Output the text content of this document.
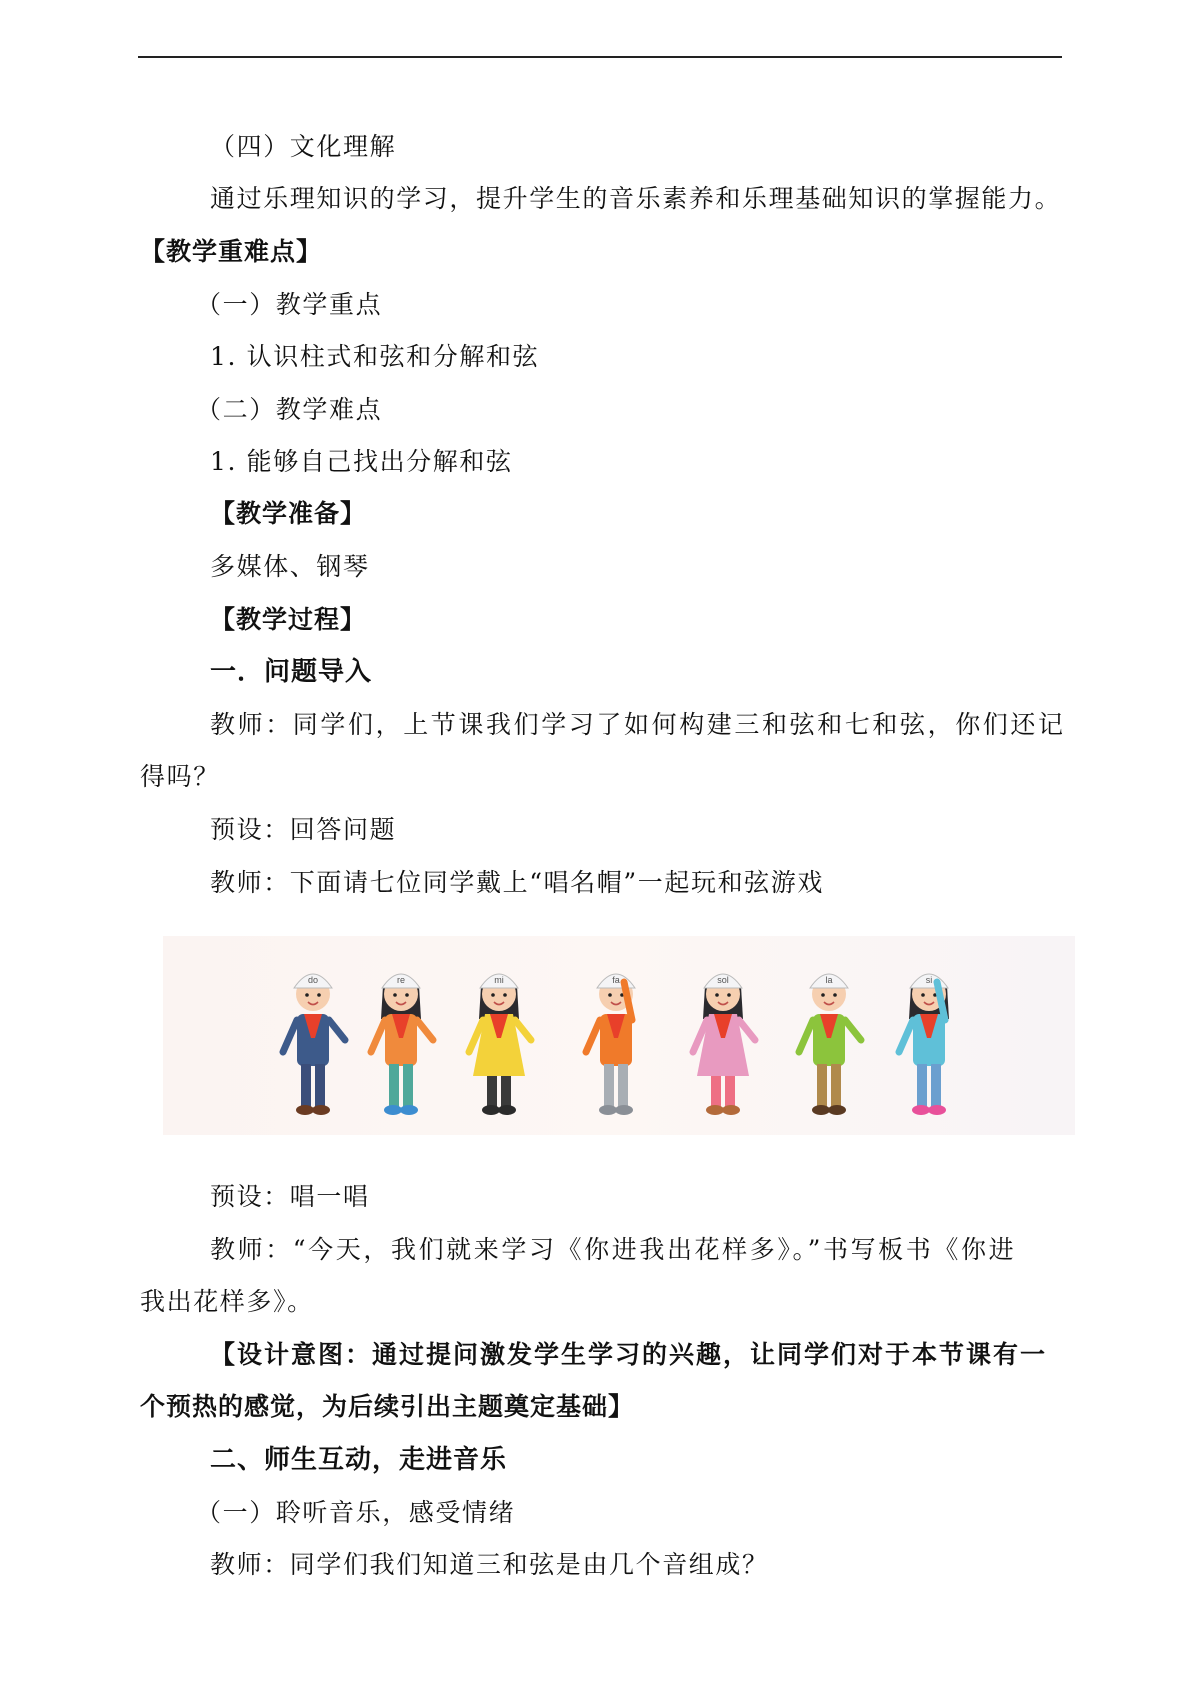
（四）文化理解
通过乐理知识的学习，提升学生的音乐素养和乐理基础知识的掌握能力。
【教学重难点】
（一）教学重点
1. 认识柱式和弦和分解和弦
（二）教学难点
1. 能够自己找出分解和弦
【教学准备】
多媒体、钢琴
【教学过程】
一．问题导入
教师：同学们，上节课我们学习了如何构建三和弦和七和弦，你们还记
得吗？
预设：回答问题
教师：下面请七位同学戴上“唱名帽”一起玩和弦游戏
do	re	mi	fa	sol	la	si
预设：唱一唱
教师：“今天，我们就来学习《你进我出花样多》。”书写板书《你进
我出花样多》。
【设计意图：通过提问激发学生学习的兴趣，让同学们对于本节课有一
个预热的感觉，为后续引出主题奠定基础】
二、师生互动，走进音乐
（一）聆听音乐，感受情绪
教师：同学们我们知道三和弦是由几个音组成？
